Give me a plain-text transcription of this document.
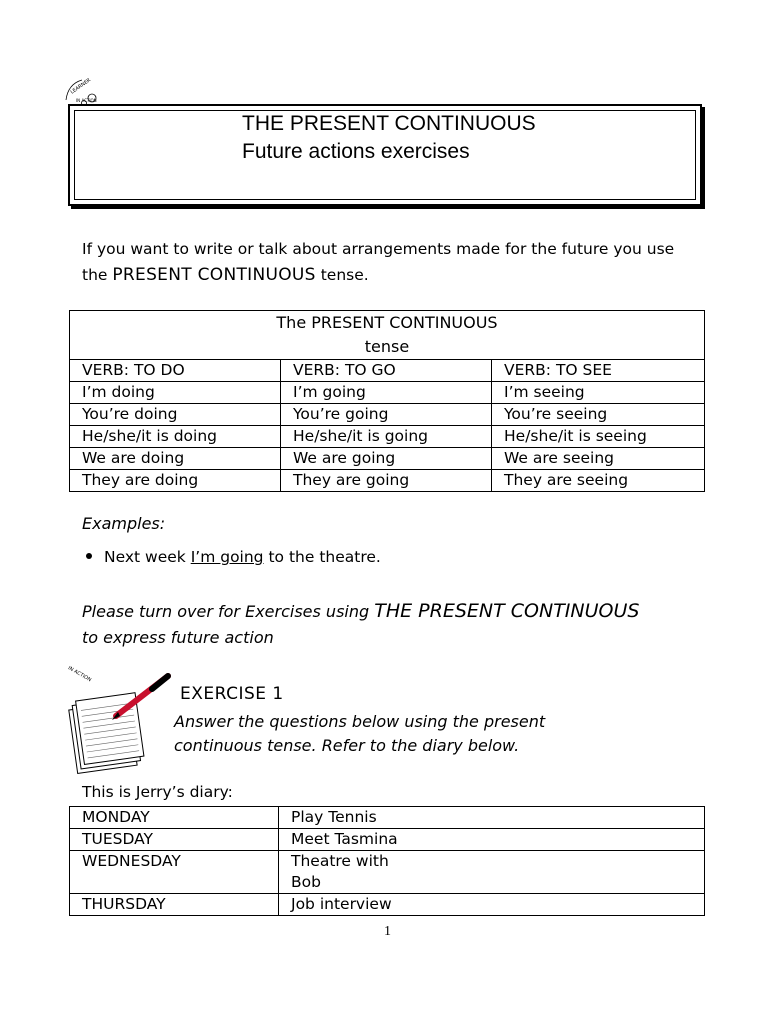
LEARNER
IN ACTION
THE PRESENT CONTINUOUS
Future actions exercises
If you want to write or talk about arrangements made for the future you use the PRESENT CONTINUOUS tense.
The PRESENT CONTINUOUS
tense		

VERB: TO DO	VERB: TO GO	VERB: TO SEE
I’m doing	I’m going	I’m seeing
You’re doing	You’re going	You’re seeing
He/she/it is doing	He/she/it is going	He/she/it is seeing
We are doing	We are going	We are seeing
They are doing	They are going	They are seeing
Examples:
Next week I’m going to the theatre.
Please turn over for Exercises using THE PRESENT CONTINUOUS
to express future action
IN ACTION
EXERCISE 1
Answer the questions below using the present
continuous tense. Refer to the diary below.
This is Jerry’s diary:
MONDAY	Play Tennis
TUESDAY	Meet Tasmina
WEDNESDAY	Theatre with
Bob

THURSDAY	Job interview
1
